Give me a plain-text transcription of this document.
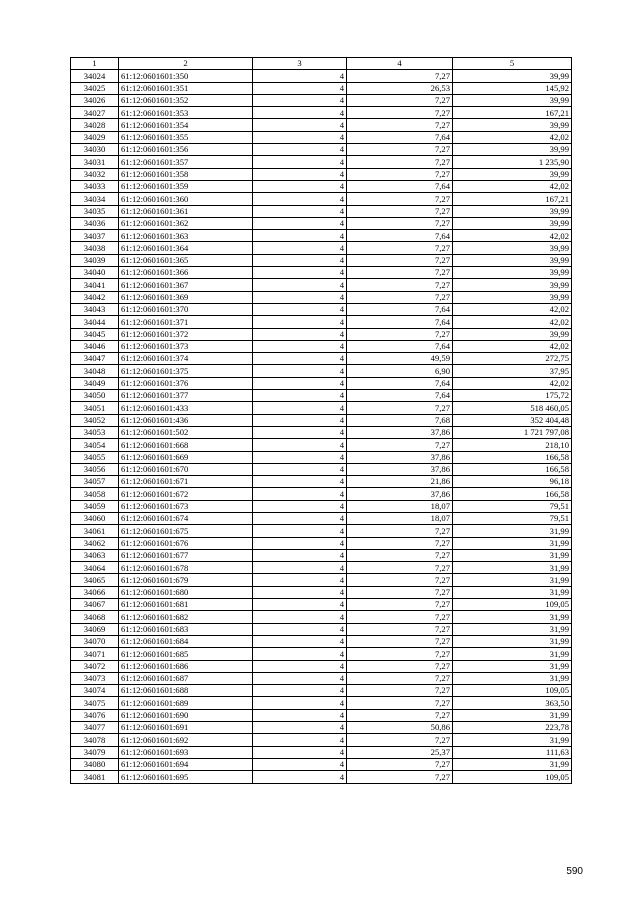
1	2	3	4	5
34024	61:12:0601601:350	4	7,27	39,99
34025	61:12:0601601:351	4	26,53	145,92
34026	61:12:0601601:352	4	7,27	39,99
34027	61:12:0601601:353	4	7,27	167,21
34028	61:12:0601601:354	4	7,27	39,99
34029	61:12:0601601:355	4	7,64	42,02
34030	61:12:0601601:356	4	7,27	39,99
34031	61:12:0601601:357	4	7,27	1 235,90
34032	61:12:0601601:358	4	7,27	39,99
34033	61:12:0601601:359	4	7,64	42,02
34034	61:12:0601601:360	4	7,27	167,21
34035	61:12:0601601:361	4	7,27	39,99
34036	61:12:0601601:362	4	7,27	39,99
34037	61:12:0601601:363	4	7,64	42,02
34038	61:12:0601601:364	4	7,27	39,99
34039	61:12:0601601:365	4	7,27	39,99
34040	61:12:0601601:366	4	7,27	39,99
34041	61:12:0601601:367	4	7,27	39,99
34042	61:12:0601601:369	4	7,27	39,99
34043	61:12:0601601:370	4	7,64	42,02
34044	61:12:0601601:371	4	7,64	42,02
34045	61:12:0601601:372	4	7,27	39,99
34046	61:12:0601601:373	4	7,64	42,02
34047	61:12:0601601:374	4	49,59	272,75
34048	61:12:0601601:375	4	6,90	37,95
34049	61:12:0601601:376	4	7,64	42,02
34050	61:12:0601601:377	4	7,64	175,72
34051	61:12:0601601:433	4	7,27	518 460,05
34052	61:12:0601601:436	4	7,68	352 404,48
34053	61:12:0601601:502	4	37,86	1 721 797,08
34054	61:12:0601601:668	4	7,27	218,10
34055	61:12:0601601:669	4	37,86	166,58
34056	61:12:0601601:670	4	37,86	166,58
34057	61:12:0601601:671	4	21,86	96,18
34058	61:12:0601601:672	4	37,86	166,58
34059	61:12:0601601:673	4	18,07	79,51
34060	61:12:0601601:674	4	18,07	79,51
34061	61:12:0601601:675	4	7,27	31,99
34062	61:12:0601601:676	4	7,27	31,99
34063	61:12:0601601:677	4	7,27	31,99
34064	61:12:0601601:678	4	7,27	31,99
34065	61:12:0601601:679	4	7,27	31,99
34066	61:12:0601601:680	4	7,27	31,99
34067	61:12:0601601:681	4	7,27	109,05
34068	61:12:0601601:682	4	7,27	31,99
34069	61:12:0601601:683	4	7,27	31,99
34070	61:12:0601601:684	4	7,27	31,99
34071	61:12:0601601:685	4	7,27	31,99
34072	61:12:0601601:686	4	7,27	31,99
34073	61:12:0601601:687	4	7,27	31,99
34074	61:12:0601601:688	4	7,27	109,05
34075	61:12:0601601:689	4	7,27	363,50
34076	61:12:0601601:690	4	7,27	31,99
34077	61:12:0601601:691	4	50,86	223,78
34078	61:12:0601601:692	4	7,27	31,99
34079	61:12:0601601:693	4	25,37	111,63
34080	61:12:0601601:694	4	7,27	31,99
34081	61:12:0601601:695	4	7,27	109,05
590
